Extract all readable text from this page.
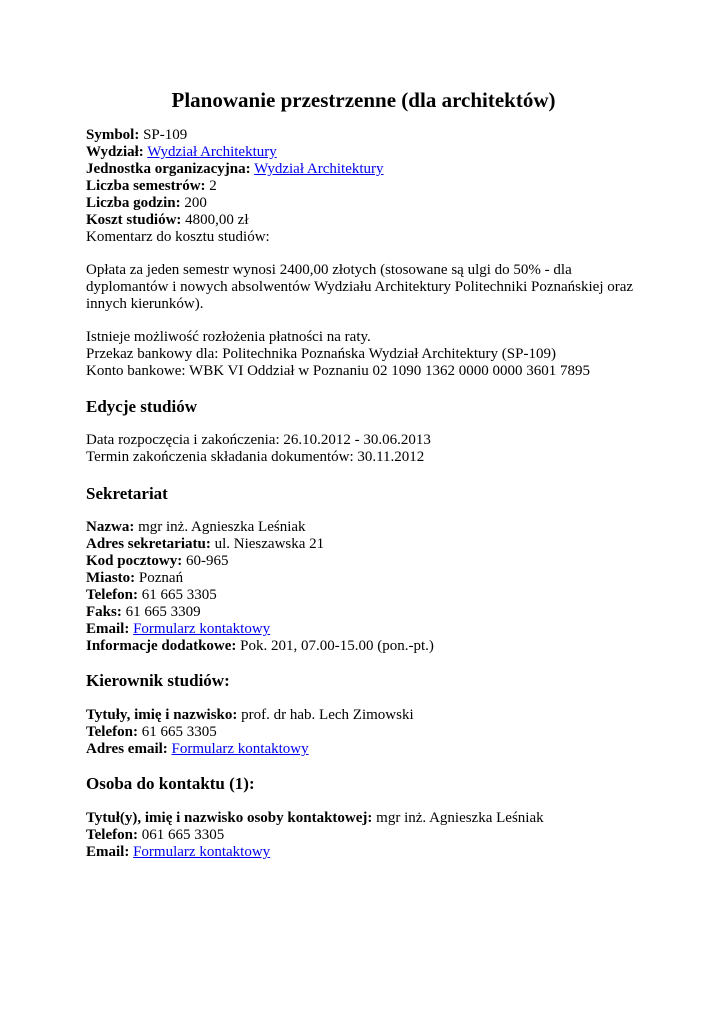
Planowanie przestrzenne (dla architektów)
Symbol: SP-109
Wydział: Wydział Architektury
Jednostka organizacyjna: Wydział Architektury
Liczba semestrów: 2
Liczba godzin: 200
Koszt studiów: 4800,00 zł
Komentarz do kosztu studiów:
Opłata za jeden semestr wynosi 2400,00 złotych (stosowane są ulgi do 50% - dla
dyplomantów i nowych absolwentów Wydziału Architektury Politechniki Poznańskiej oraz
innych kierunków).
Istnieje możliwość rozłożenia płatności na raty.
Przekaz bankowy dla: Politechnika Poznańska Wydział Architektury (SP-109)
Konto bankowe: WBK VI Oddział w Poznaniu 02 1090 1362 0000 0000 3601 7895
Edycje studiów
Data rozpoczęcia i zakończenia: 26.10.2012 - 30.06.2013
Termin zakończenia składania dokumentów: 30.11.2012
Sekretariat
Nazwa: mgr inż. Agnieszka Leśniak
Adres sekretariatu: ul. Nieszawska 21
Kod pocztowy: 60-965
Miasto: Poznań
Telefon: 61 665 3305
Faks: 61 665 3309
Email: Formularz kontaktowy
Informacje dodatkowe: Pok. 201, 07.00-15.00 (pon.-pt.)
Kierownik studiów:
Tytuły, imię i nazwisko: prof. dr hab. Lech Zimowski
Telefon: 61 665 3305
Adres email: Formularz kontaktowy
Osoba do kontaktu (1):
Tytuł(y), imię i nazwisko osoby kontaktowej: mgr inż. Agnieszka Leśniak
Telefon: 061 665 3305
Email: Formularz kontaktowy
